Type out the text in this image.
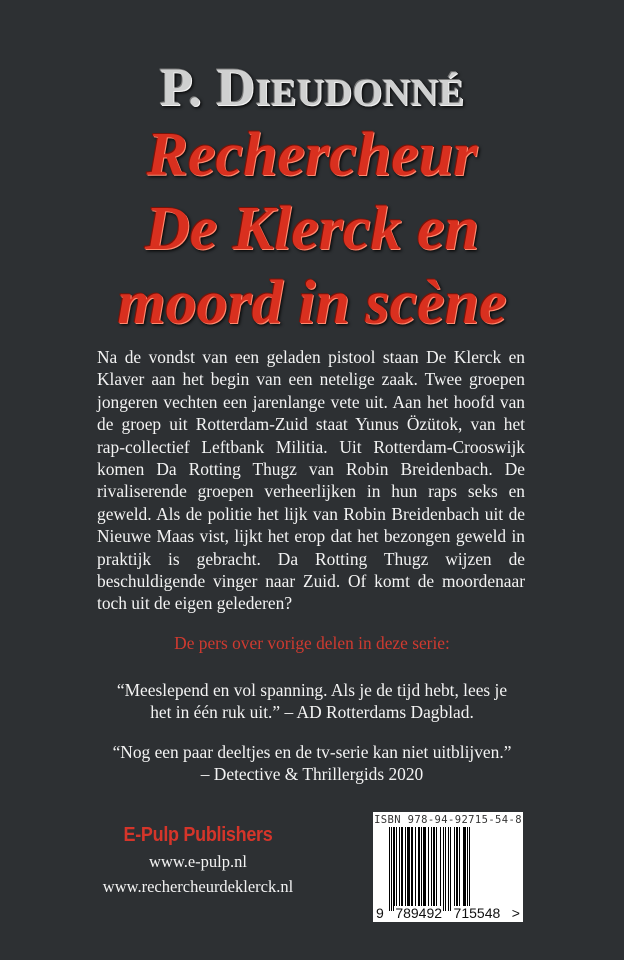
P. Dieudonné
Rechercheur
De Klerck en
moord in scène
Na de vondst van een geladen pistool staan De Klerck en Klaver aan het begin van een netelige zaak. Twee groepen jongeren vechten een jarenlange vete uit. Aan het hoofd van de groep uit Rotterdam-Zuid staat Yunus Özütok, van het rap-collectief Leftbank Militia. Uit Rotterdam-Crooswijk komen Da Rotting Thugz van Robin Breidenbach. De rivaliserende groepen verheerlijken in hun raps seks en geweld. Als de politie het lijk van Robin Breidenbach uit de Nieuwe Maas vist, lijkt het erop dat het bezongen geweld in praktijk is gebracht. Da Rotting Thugz wijzen de beschuldigende vinger naar Zuid. Of komt de moordenaar toch uit de eigen gelederen?
De pers over vorige delen in deze serie:
“Meeslepend en vol spanning. Als je de tijd hebt, lees je
het in één ruk uit.” – AD Rotterdams Dagblad.
“Nog een paar deeltjes en de tv-serie kan niet uitblijven.”
– Detective & Thrillergids 2020
E-Pulp Publishers
www.e-pulp.nl
www.rechercheurdeklerck.nl
ISBN 978-94-92715-54-8
9 789492 715548 >
